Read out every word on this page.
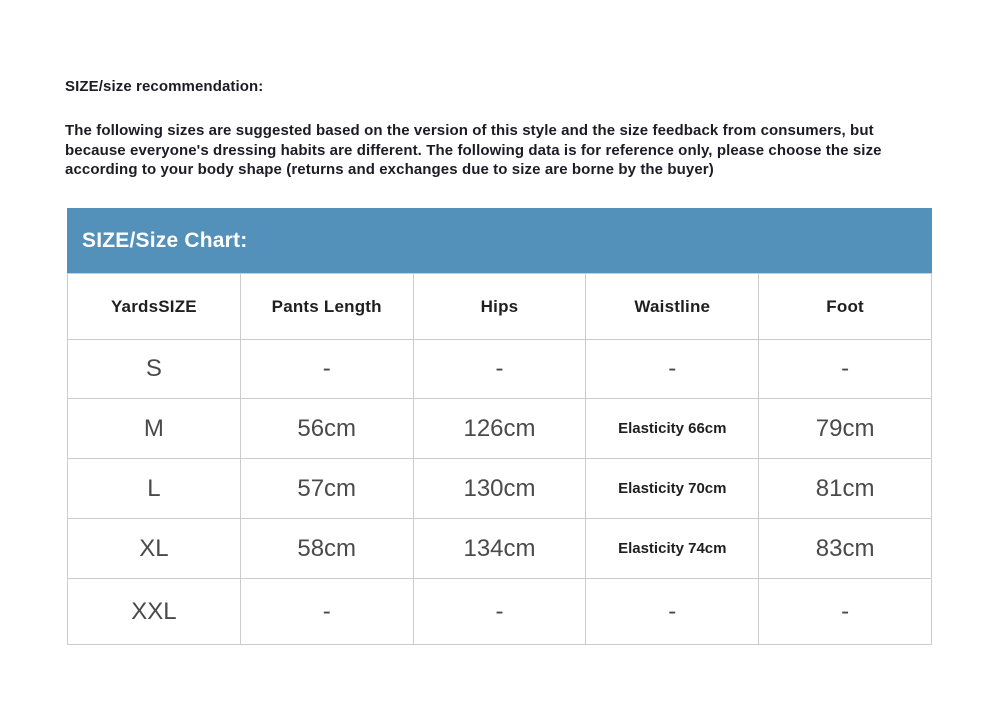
SIZE/size recommendation:
The following sizes are suggested based on the version of this style and the size feedback from consumers, but because everyone's dressing habits are different. The following data is for reference only, please choose the size according to your body shape (returns and exchanges due to size are borne by the buyer)
SIZE/Size Chart:
YardsSIZE	Pants Length	Hips	Waistline	Foot
S	-	-	-	-
M	56cm	126cm	Elasticity 66cm	79cm
L	57cm	130cm	Elasticity 70cm	81cm
XL	58cm	134cm	Elasticity 74cm	83cm
XXL	-	-	-	-
